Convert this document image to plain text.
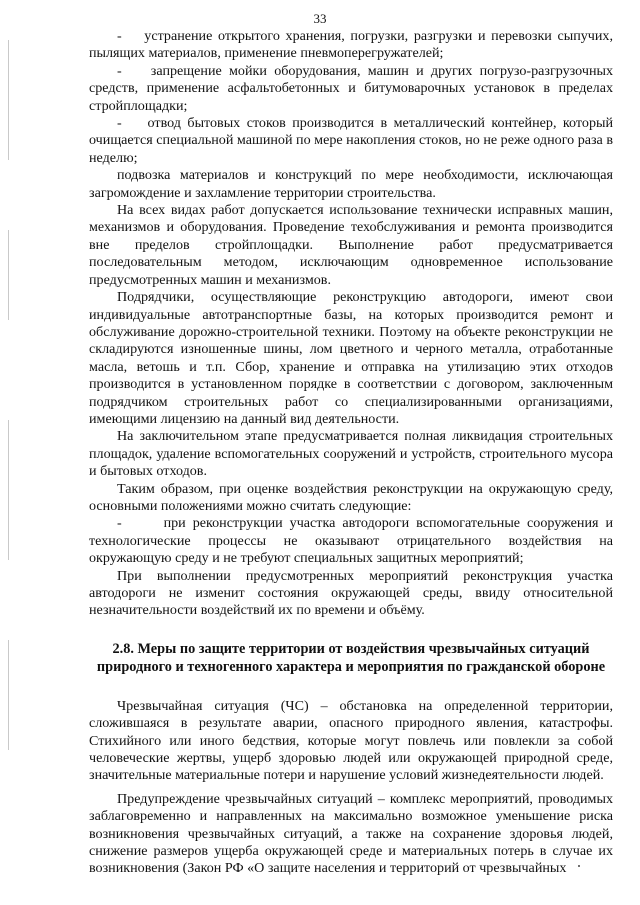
33

-    устранение открытого хранения, погрузки, разгрузки и перевозки сыпучих, пылящих материалов, применение пневмоперегружателей;

-    запрещение мойки оборудования, машин и других погрузо-разгрузочных средств, применение асфальтобетонных и битумоварочных установок в пределах стройплощадки;

-    отвод бытовых стоков производится в металлический контейнер, который очищается специальной машиной по мере накопления стоков, но не реже одного раза в неделю;

подвозка материалов и конструкций по мере необходимости, исключающая загромождение и захламление территории строительства.

На всех видах работ допускается использование технически исправных машин, механизмов и оборудования. Проведение техобслуживания и ремонта производится вне пределов стройплощадки. Выполнение работ предусматривается последовательным методом, исключающим одновременное использование предусмотренных машин и механизмов.

Подрядчики, осуществляющие реконструкцию автодороги, имеют свои индивидуальные автотранспортные базы, на которых производится ремонт и обслуживание дорожно-строительной техники. Поэтому на объекте реконструкции не складируются изношенные шины, лом цветного и черного металла, отработанные масла, ветошь и т.п. Сбор, хранение и отправка на утилизацию этих отходов производится в установленном порядке в соответствии с договором, заключенным подрядчиком строительных работ со специализированными организациями, имеющими лицензию на данный вид деятельности.

На заключительном этапе предусматривается полная ликвидация строительных площадок, удаление вспомогательных сооружений и устройств, строительного мусора и бытовых отходов.

Таким образом, при оценке воздействия реконструкции на окружающую среду, основными положениями можно считать следующие:

-      при реконструкции участка автодороги вспомогательные сооружения и технологические процессы не оказывают отрицательного воздействия на окружающую среду и не требуют специальных защитных мероприятий;

При выполнении предусмотренных мероприятий реконструкция участка автодороги не изменит состояния окружающей среды, ввиду относительной незначительности воздействий их по времени и объёму.

2.8. Меры по защите территории от воздействия чрезвычайных ситуаций природного и техногенного характера и мероприятия по гражданской обороне

Чрезвычайная ситуация (ЧС) – обстановка на определенной территории, сложившаяся в результате аварии, опасного природного явления, катастрофы. Стихийного или иного бедствия, которые могут повлечь или повлекли за собой человеческие жертвы, ущерб здоровью людей или окружающей природной среде, значительные материальные потери и нарушение условий жизнедеятельности людей.

Предупреждение чрезвычайных ситуаций – комплекс мероприятий, проводимых заблаговременно и направленных на максимально возможное уменьшение риска возникновения чрезвычайных ситуаций, а также на сохранение здоровья людей, снижение размеров ущерба окружающей среде и материальных потерь в случае их возникновения (Закон РФ «О защите населения и территорий от чрезвычайных
